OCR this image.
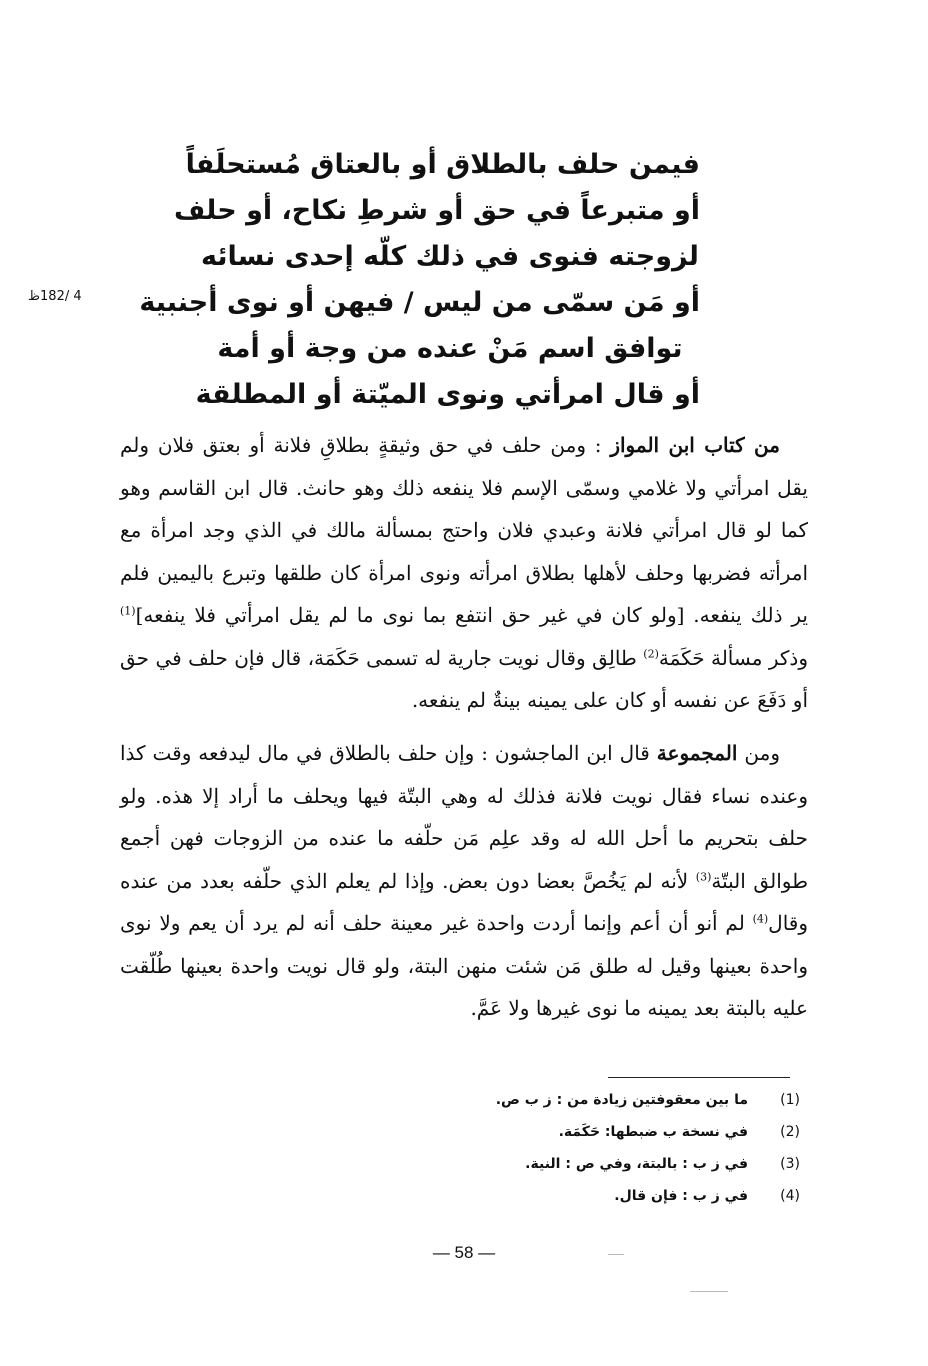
فيمن حلف بالطلاق أو بالعتاق مُستحلَفاً
أو متبرعاً في حق أو شرطِ نكاح، أو حلف
لزوجته فنوى في ذلك كلّه إحدى نسائه
أو مَن سمّى من ليس / فيهن أو نوى أجنبية
توافق اسم مَنْ عنده من وجة أو أمة
أو قال امرأتي ونوى الميّتة أو المطلقة
4 /182ظ
من كتاب ابن المواز : ومن حلف في حق وثيقةٍ بطلاقِ فلانة أو بعتق فلان ولم يقل امرأتي ولا غلامي وسمّى الإسم فلا ينفعه ذلك وهو حانث. قال ابن القاسم وهو كما لو قال امرأتي فلانة وعبدي فلان واحتج بمسألة مالك في الذي وجد امرأة مع امرأته فضربها وحلف لأهلها بطلاق امرأته ونوى امرأة كان طلقها وتبرع باليمين فلم ير ذلك ينفعه. [ولو كان في غير حق انتفع بما نوى ما لم يقل امرأتي فلا ينفعه]$^{(1)}$ وذكر مسألة حَكَمَة$^{(2)}$ طالِق وقال نويت جارية له تسمى حَكَمَة، قال فإن حلف في حق أو دَفَعَ عن نفسه أو كان على يمينه بينةٌ لم ينفعه.
ومن المجموعة قال ابن الماجشون : وإن حلف بالطلاق في مال ليدفعه وقت كذا وعنده نساء فقال نويت فلانة فذلك له وهي البتّة فيها ويحلف ما أراد إلا هذه. ولو حلف بتحريم ما أحل الله له وقد علِم مَن حلّفه ما عنده من الزوجات فهن أجمع طوالق البتّة$^{(3)}$ لأنه لم يَخُصَّ بعضا دون بعض. وإذا لم يعلم الذي حلّفه بعدد من عنده وقال$^{(4)}$ لم أنو أن أعم وإنما أردت واحدة غير معينة حلف أنه لم يرد أن يعم ولا نوى واحدة بعينها وقيل له طلق مَن شئت منهن البتة، ولو قال نويت واحدة بعينها طُلّقت عليه بالبتة بعد يمينه ما نوى غيرها ولا عَمَّ.
(1)
ما بين معقوفتين زيادة من : ز ب ص.
(2)
في نسخة ب ضبطها: حَكَمَة.
(3)
في ز ب : بالبتة، وفي ص : النية.
(4)
في ز ب : فإن قال.
— 58 —
